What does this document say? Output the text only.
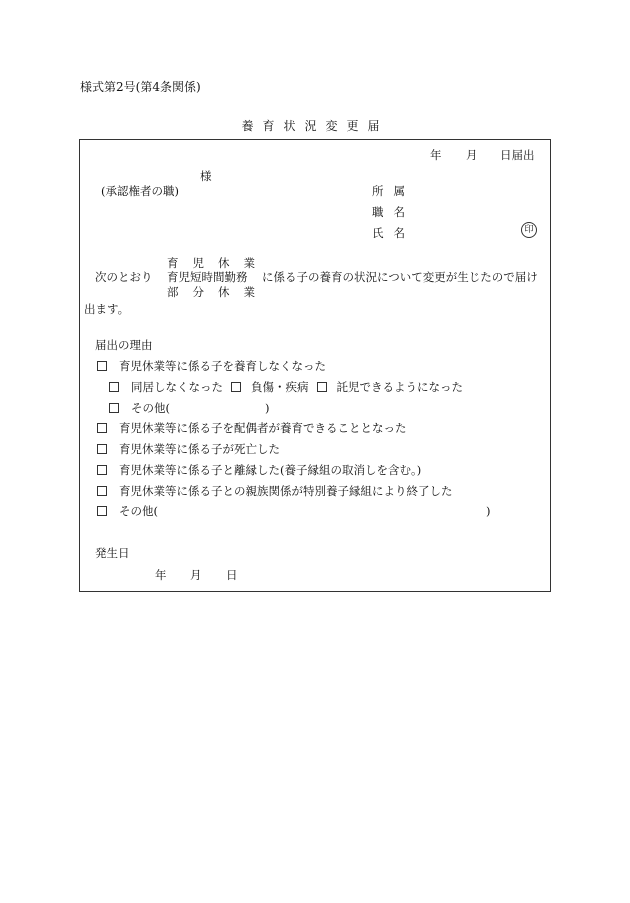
様式第2号(第4条関係)
養育状況変更届
年 月 日届出
様
(承認権者の職)	所属
職名
氏名	印
育児休業
次のとおり 育児短時間勤務 に係る子の養育の状況について変更が生じたので届け
部分休業
出ます。
届出の理由
育児休業等に係る子を養育しなくなった
同居しなくなった 負傷・疾病 託児できるようになった
その他(	)
育児休業等に係る子を配偶者が養育できることとなった
育児休業等に係る子が死亡した
育児休業等に係る子と離縁した(養子縁組の取消しを含む。)
育児休業等に係る子との親族関係が特別養子縁組により終了した
その他(	)
発生日
年 月 日
